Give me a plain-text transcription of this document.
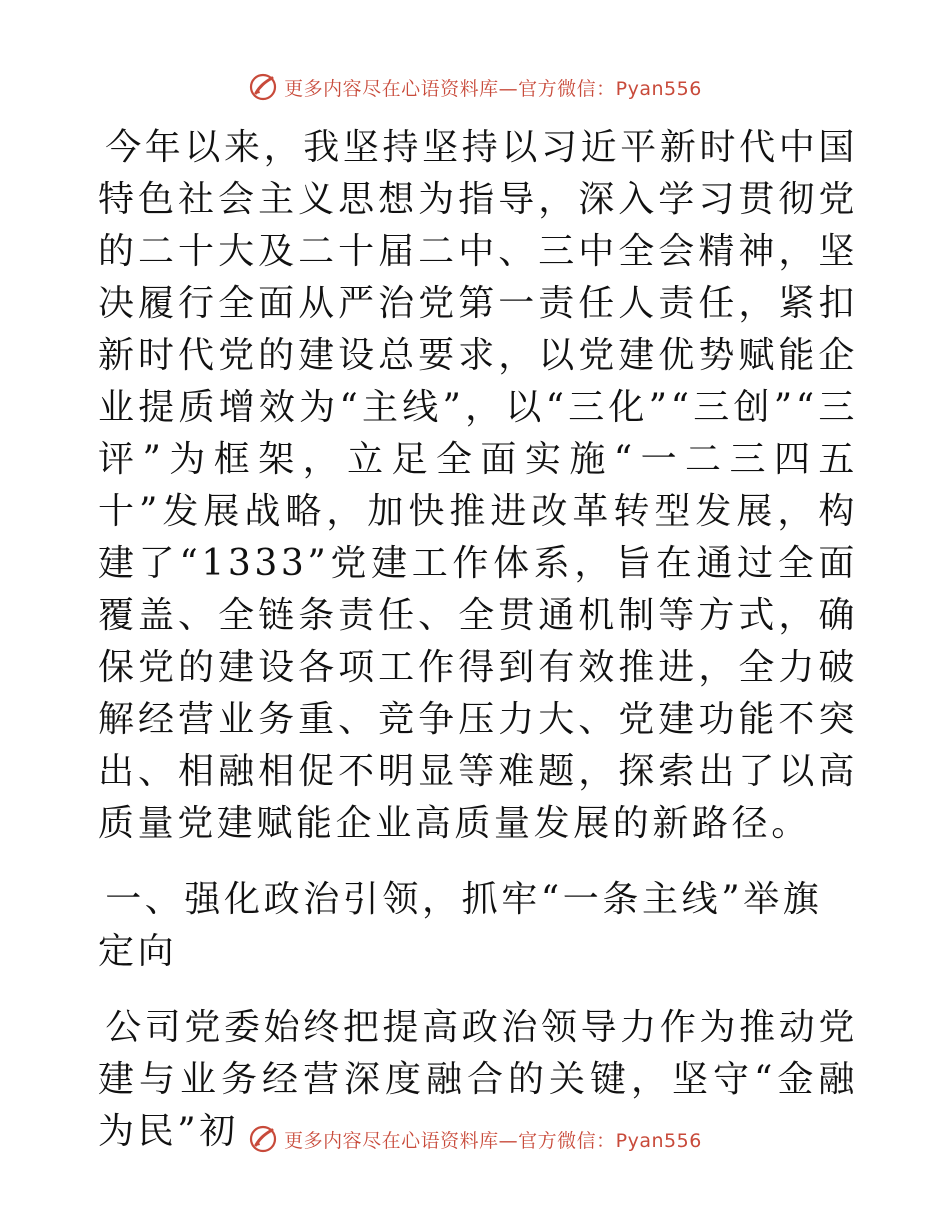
更多内容尽在心语资料库—官方微信：Pyan556

今年以来，我坚持坚持以习近平新时代中国特色社会主义思想为指导，深入学习贯彻党的二十大及二十届二中、三中全会精神，坚决履行全面从严治党第一责任人责任，紧扣新时代党的建设总要求，以党建优势赋能企业提质增效为“主线”，以“三化”“三创”“三评”为框架，立足全面实施“一二三四五十”发展战略，加快推进改革转型发展，构建了“1333”党建工作体系，旨在通过全面覆盖、全链条责任、全贯通机制等方式，确保党的建设各项工作得到有效推进，全力破解经营业务重、竞争压力大、党建功能不突出、相融相促不明显等难题，探索出了以高质量党建赋能企业高质量发展的新路径。

一、强化政治引领，抓牢“一条主线”举旗定向

公司党委始终把提高政治领导力作为推动党建与业务经营深度融合的关键，坚守“金融为民”初	更多内容尽在心语资料库—官方微信：Pyan556
